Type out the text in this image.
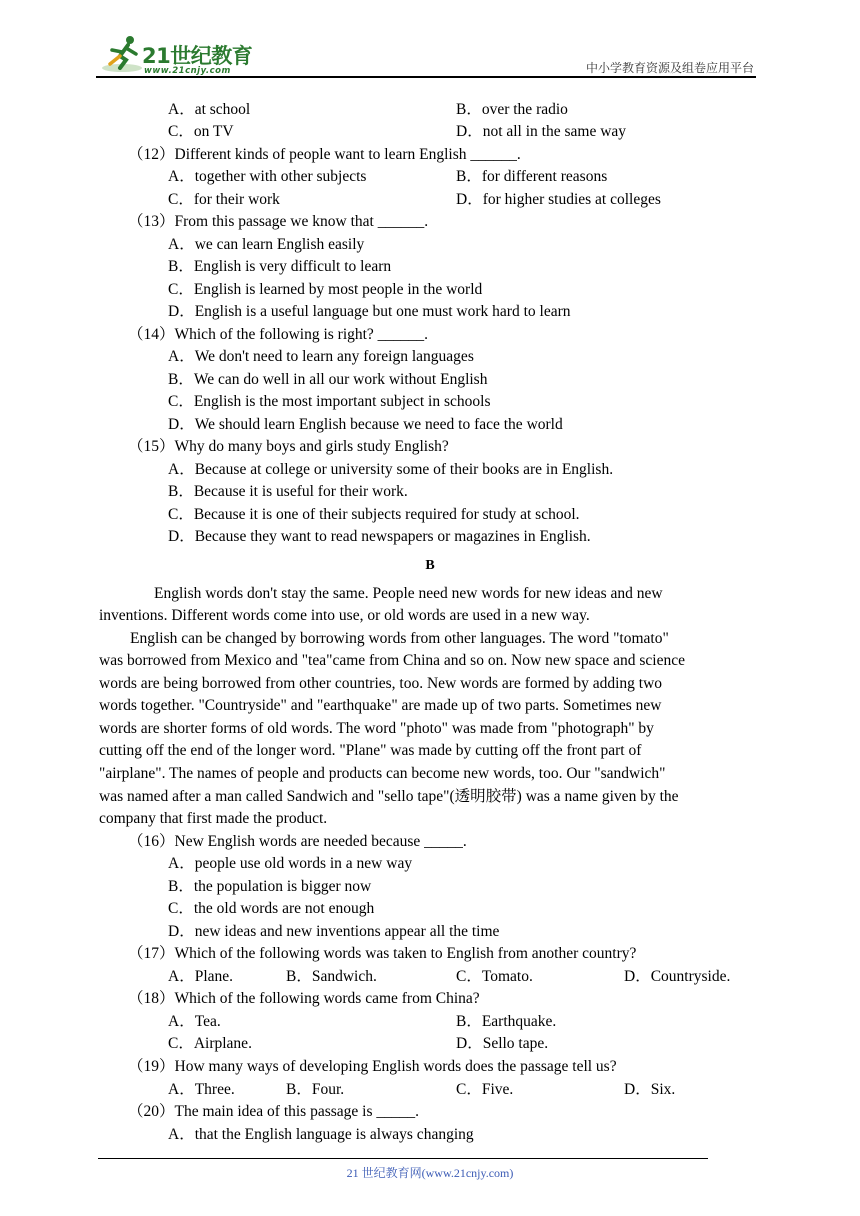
21世纪教育
www.21cnjy.com	中小学教育资源及组卷应用平台
A．at school	B．over the radio
C．on TV	D．not all in the same way
（12）Different kinds of people want to learn English ______.
A．together with other subjects	B．for different reasons
C．for their work	D．for higher studies at colleges
（13）From this passage we know that ______.
A．we can learn English easily
B．English is very difficult to learn
C．English is learned by most people in the world
D．English is a useful language but one must work hard to learn
（14）Which of the following is right? ______.
A．We don't need to learn any foreign languages
B．We can do well in all our work without English
C．English is the most important subject in schools
D．We should learn English because we need to face the world
（15）Why do many boys and girls study English?
A．Because at college or university some of their books are in English.
B．Because it is useful for their work.
C．Because it is one of their subjects required for study at school.
D．Because they want to read newspapers or magazines in English.
B
English words don't stay the same. People need new words for new ideas and new
inventions. Different words come into use, or old words are used in a new way.
English can be changed by borrowing words from other languages. The word "tomato"
was borrowed from Mexico and "tea"came from China and so on. Now new space and science
words are being borrowed from other countries, too. New words are formed by adding two
words together. "Countryside" and "earthquake" are made up of two parts. Sometimes new
words are shorter forms of old words. The word "photo" was made from "photograph" by
cutting off the end of the longer word. "Plane" was made by cutting off the front part of
"airplane". The names of people and products can become new words, too. Our "sandwich"
was named after a man called Sandwich and "sello tape"(透明胶带) was a name given by the
company that first made the product.
（16）New English words are needed because _____.
A．people use old words in a new way
B．the population is bigger now
C．the old words are not enough
D．new ideas and new inventions appear all the time
（17）Which of the following words was taken to English from another country?
A．Plane.	B．Sandwich.	C．Tomato.	D．Countryside.
（18）Which of the following words came from China?
A．Tea.	B．Earthquake.
C．Airplane.	D．Sello tape.
（19）How many ways of developing English words does the passage tell us?
A．Three.	B．Four.	C．Five.	D．Six.
（20）The main idea of this passage is _____.
A．that the English language is always changing
21 世纪教育网(www.21cnjy.com)
